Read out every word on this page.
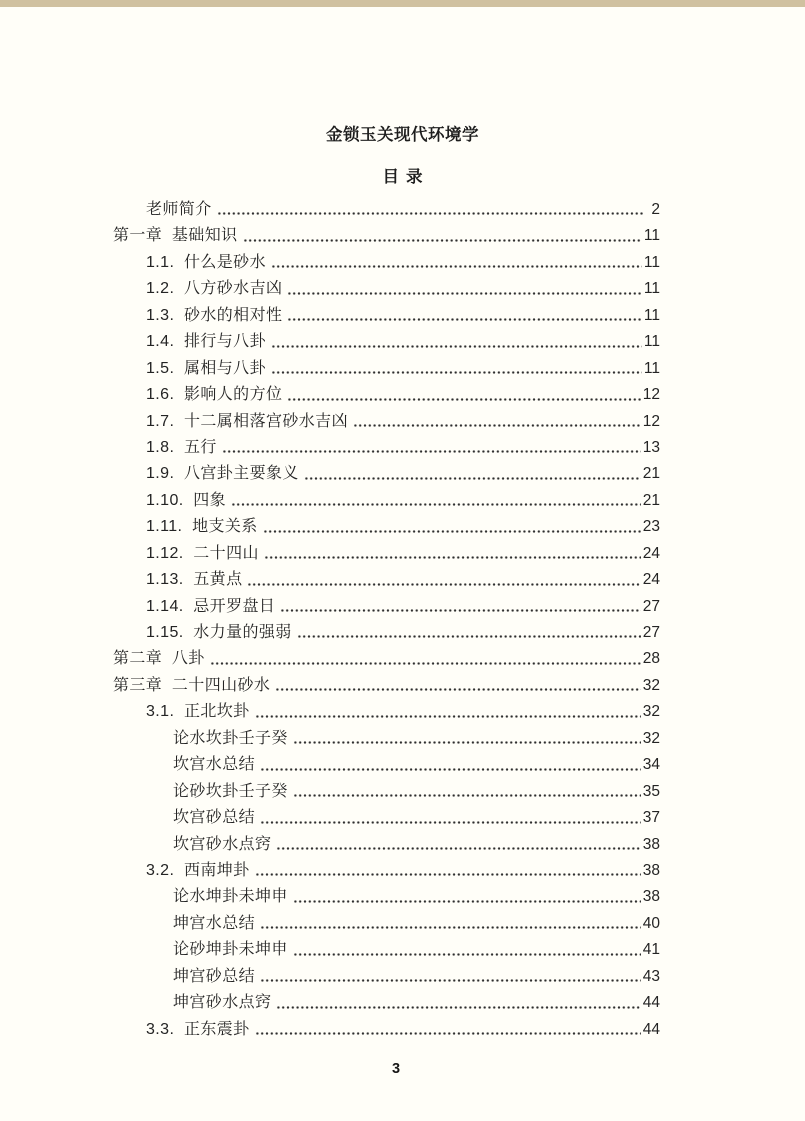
金锁玉关现代环境学
目录
老师简介	2
第一章  基础知识	11
1.1.  什么是砂水	11
1.2.  八方砂水吉凶	11
1.3.  砂水的相对性	11
1.4.  排行与八卦	11
1.5.  属相与八卦	11
1.6.  影响人的方位	12
1.7.  十二属相落宫砂水吉凶	12
1.8.  五行	13
1.9.  八宫卦主要象义	21
1.10.  四象	21
1.11.  地支关系	23
1.12.  二十四山	24
1.13.  五黄点	24
1.14.  忌开罗盘日	27
1.15.  水力量的强弱	27
第二章  八卦	28
第三章  二十四山砂水	32
3.1.  正北坎卦	32
论水坎卦壬子癸	32
坎宫水总结	34
论砂坎卦壬子癸	35
坎宫砂总结	37
坎宫砂水点窍	38
3.2.  西南坤卦	38
论水坤卦未坤申	38
坤宫水总结	40
论砂坤卦未坤申	41
坤宫砂总结	43
坤宫砂水点窍	44
3.3.  正东震卦	44
3
